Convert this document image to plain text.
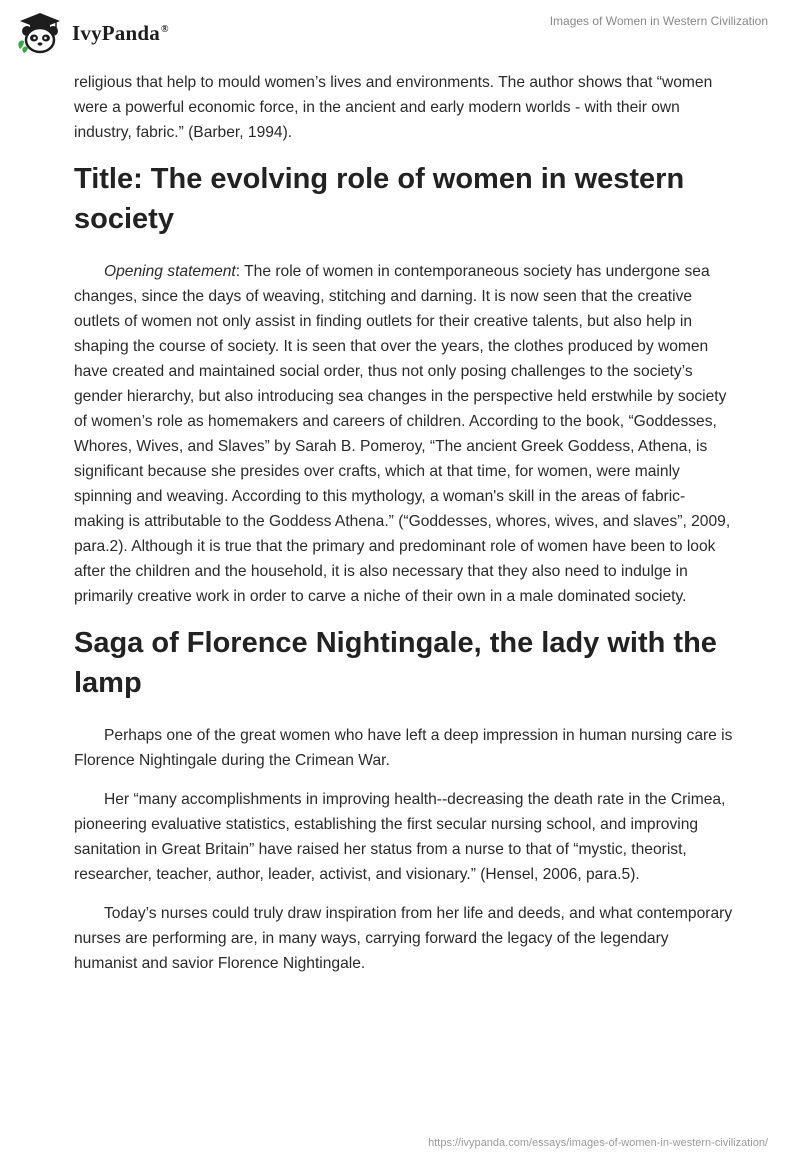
IvyPanda®
Images of Women in Western Civilization

religious that help to mould women’s lives and environments. The author shows that “women were a powerful economic force, in the ancient and early modern worlds - with their own industry, fabric.” (Barber, 1994).

Title: The evolving role of women in western society

Opening statement: The role of women in contemporaneous society has undergone sea changes, since the days of weaving, stitching and darning. It is now seen that the creative outlets of women not only assist in finding outlets for their creative talents, but also help in shaping the course of society. It is seen that over the years, the clothes produced by women have created and maintained social order, thus not only posing challenges to the society’s gender hierarchy, but also introducing sea changes in the perspective held erstwhile by society of women’s role as homemakers and careers of children. According to the book, “Goddesses, Whores, Wives, and Slaves” by Sarah B. Pomeroy, “The ancient Greek Goddess, Athena, is significant because she presides over crafts, which at that time, for women, were mainly spinning and weaving. According to this mythology, a woman's skill in the areas of fabric-making is attributable to the Goddess Athena.” (“Goddesses, whores, wives, and slaves”, 2009, para.2). Although it is true that the primary and predominant role of women have been to look after the children and the household, it is also necessary that they also need to indulge in primarily creative work in order to carve a niche of their own in a male dominated society.

Saga of Florence Nightingale, the lady with the lamp

Perhaps one of the great women who have left a deep impression in human nursing care is Florence Nightingale during the Crimean War.

Her “many accomplishments in improving health--decreasing the death rate in the Crimea, pioneering evaluative statistics, establishing the first secular nursing school, and improving sanitation in Great Britain” have raised her status from a nurse to that of “mystic, theorist, researcher, teacher, author, leader, activist, and visionary.” (Hensel, 2006, para.5).

Today’s nurses could truly draw inspiration from her life and deeds, and what contemporary nurses are performing are, in many ways, carrying forward the legacy of the legendary humanist and savior Florence Nightingale.

https://ivypanda.com/essays/images-of-women-in-western-civilization/
